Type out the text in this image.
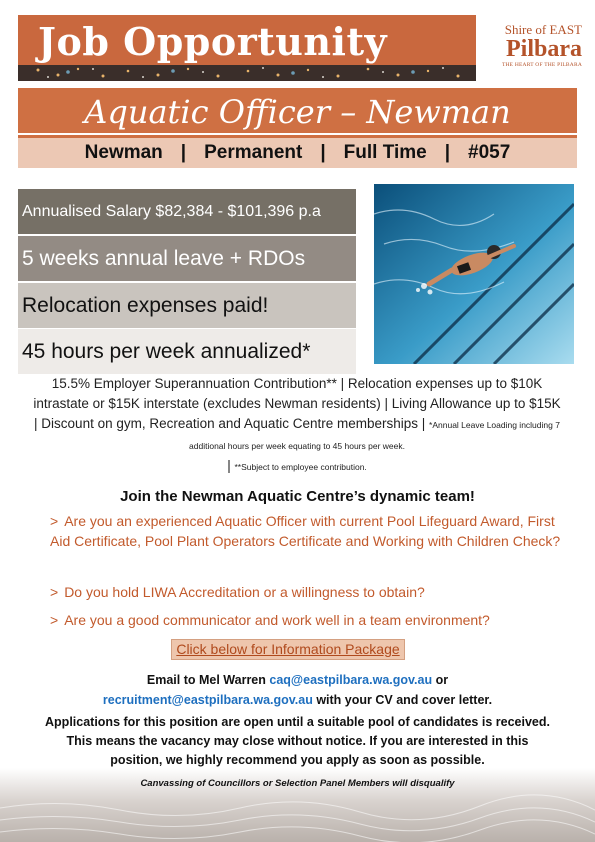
Job Opportunity	Shire of EAST
Pilbara
THE HEART OF THE PILBARA
Aquatic Officer – Newman
Newman | Permanent | Full Time | #057
Annualised Salary $82,384 - $101,396 p.a
5 weeks annual leave + RDOs
Relocation expenses paid!
45 hours per week annualized*
15.5% Employer Superannuation Contribution** | Relocation expenses up to $10K intrastate or $15K interstate (excludes Newman residents) | Living Allowance up to $15K | Discount on gym, Recreation and Aquatic Centre memberships | *Annual Leave Loading including 7 additional hours per week equating to 45 hours per week.
| **Subject to employee contribution.
Join the Newman Aquatic Centre’s dynamic team!
> Are you an experienced Aquatic Officer with current Pool Lifeguard Award, First Aid Certificate, Pool Plant Operators Certificate and Working with Children Check?
> Do you hold LIWA Accreditation or a willingness to obtain?
> Are you a good communicator and work well in a team environment?
Click below for Information Package
Email to Mel Warren caq@eastpilbara.wa.gov.au or
recruitment@eastpilbara.wa.gov.au with your CV and cover letter.
Applications for this position are open until a suitable pool of candidates is received. This means the vacancy may close without notice. If you are interested in this position, we highly recommend you apply as soon as possible.
Canvassing of Councillors or Selection Panel Members will disqualify
